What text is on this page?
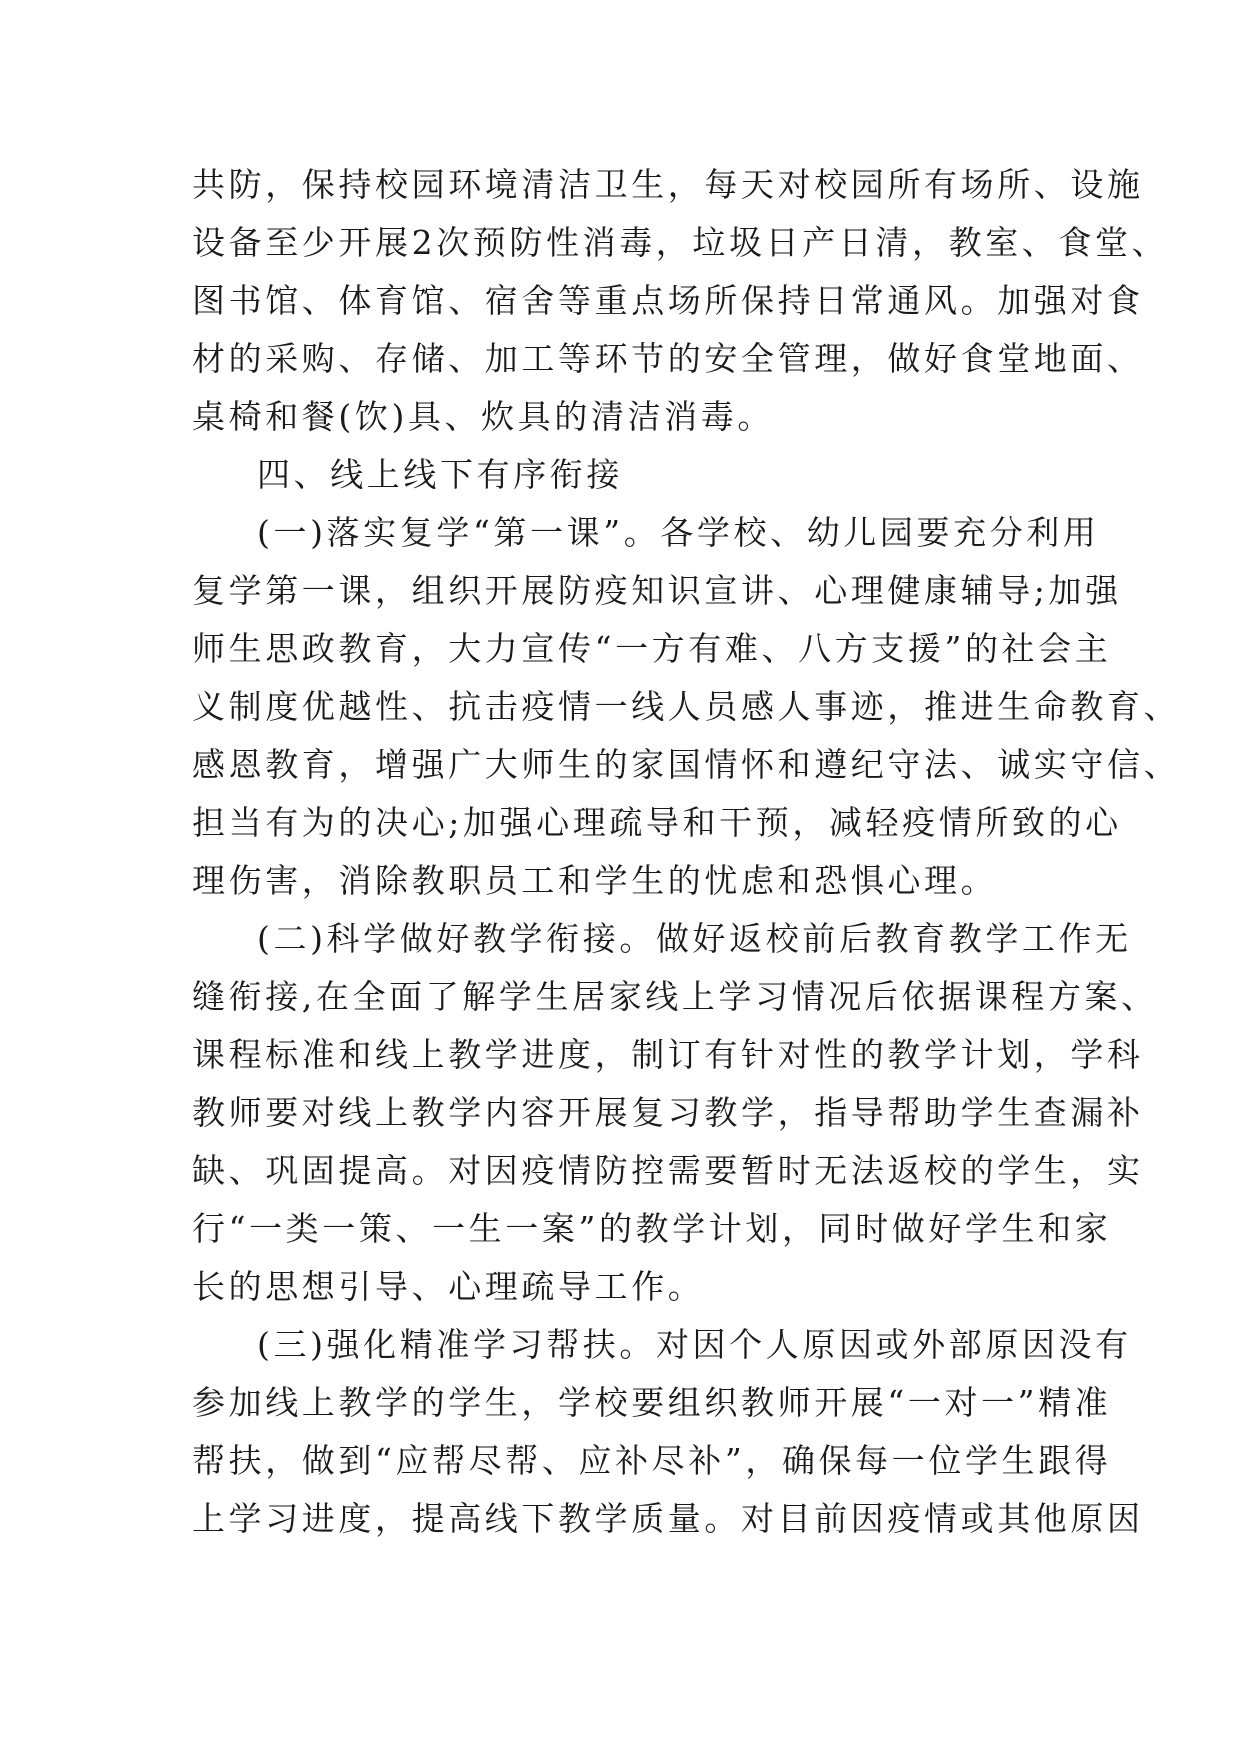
共防，保持校园环境清洁卫生，每天对校园所有场所、设施
设备至少开展2次预防性消毒，垃圾日产日清，教室、食堂、
图书馆、体育馆、宿舍等重点场所保持日常通风。加强对食
材的采购、存储、加工等环节的安全管理，做好食堂地面、
桌椅和餐(饮)具、炊具的清洁消毒。
四、线上线下有序衔接
(一)落实复学“第一课”。各学校、幼儿园要充分利用
复学第一课，组织开展防疫知识宣讲、心理健康辅导;加强
师生思政教育，大力宣传“一方有难、八方支援”的社会主
义制度优越性、抗击疫情一线人员感人事迹，推进生命教育、
感恩教育，增强广大师生的家国情怀和遵纪守法、诚实守信、
担当有为的决心;加强心理疏导和干预，减轻疫情所致的心
理伤害，消除教职员工和学生的忧虑和恐惧心理。
(二)科学做好教学衔接。做好返校前后教育教学工作无
缝衔接,在全面了解学生居家线上学习情况后依据课程方案、
课程标准和线上教学进度，制订有针对性的教学计划，学科
教师要对线上教学内容开展复习教学，指导帮助学生查漏补
缺、巩固提高。对因疫情防控需要暂时无法返校的学生，实
行“一类一策、一生一案”的教学计划，同时做好学生和家
长的思想引导、心理疏导工作。
(三)强化精准学习帮扶。对因个人原因或外部原因没有
参加线上教学的学生，学校要组织教师开展“一对一”精准
帮扶，做到“应帮尽帮、应补尽补”，确保每一位学生跟得
上学习进度，提高线下教学质量。对目前因疫情或其他原因
